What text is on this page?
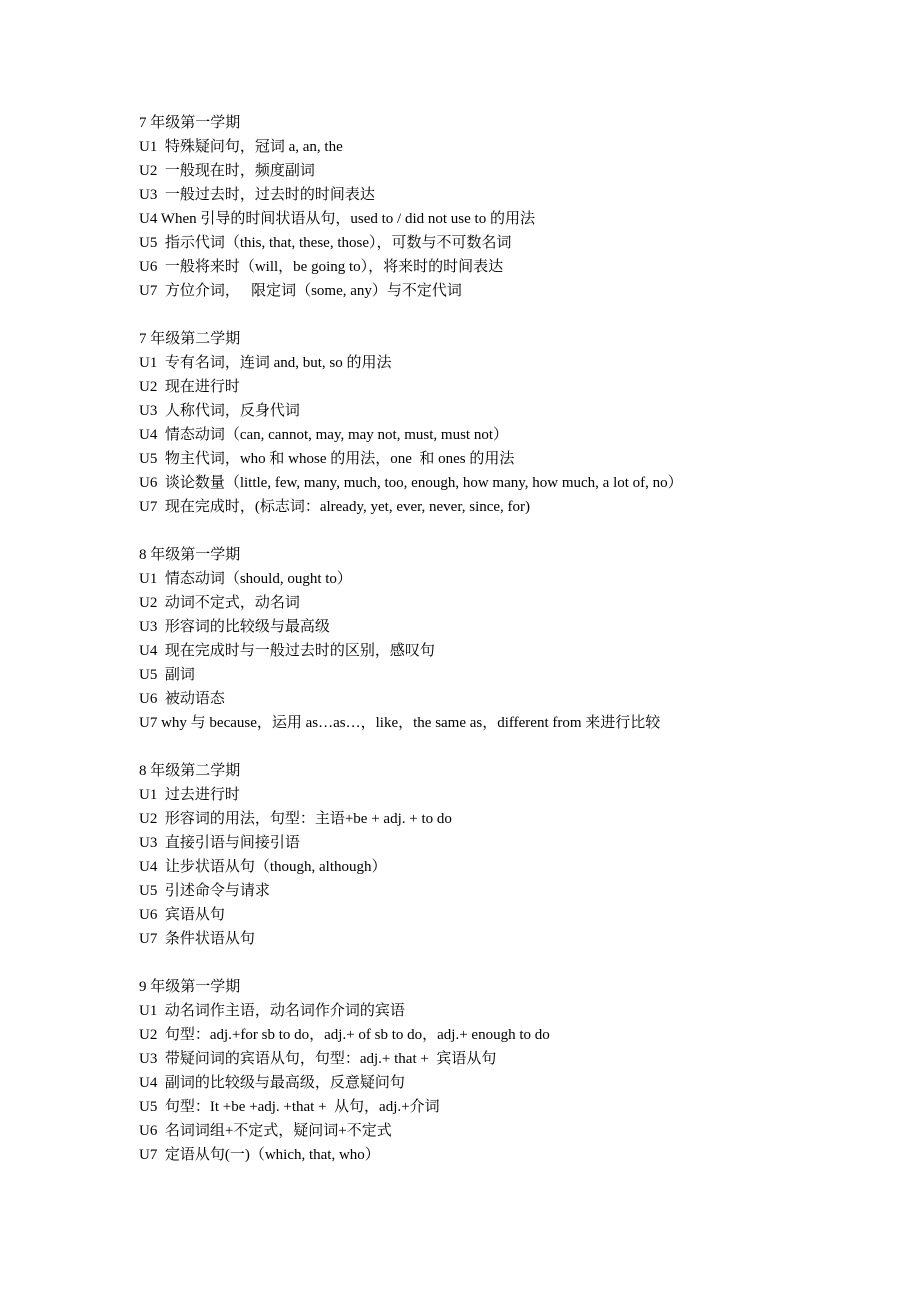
7 年级第一学期
U1  特殊疑问句，冠词 a, an, the
U2  一般现在时，频度副词
U3  一般过去时，过去时的时间表达
U4 When 引导的时间状语从句，used to / did not use to 的用法
U5  指示代词（this, that, these, those），可数与不可数名词
U6  一般将来时（will，be going to），将来时的时间表达
U7  方位介词，   限定词（some, any）与不定代词
7 年级第二学期
U1  专有名词，连词 and, but, so 的用法
U2  现在进行时
U3  人称代词，反身代词
U4  情态动词（can, cannot, may, may not, must, must not）
U5  物主代词，who 和 whose 的用法，one  和 ones 的用法
U6  谈论数量（little, few, many, much, too, enough, how many, how much, a lot of, no）
U7  现在完成时，(标志词：already, yet, ever, never, since, for)
8 年级第一学期
U1  情态动词（should, ought to）
U2  动词不定式，动名词
U3  形容词的比较级与最高级
U4  现在完成时与一般过去时的区别，感叹句
U5  副词
U6  被动语态
U7 why 与 because，运用 as…as…，like，the same as，different from 来进行比较
8 年级第二学期
U1  过去进行时
U2  形容词的用法，句型：主语+be + adj. + to do
U3  直接引语与间接引语
U4  让步状语从句（though, although）
U5  引述命令与请求
U6  宾语从句
U7  条件状语从句
9 年级第一学期
U1  动名词作主语，动名词作介词的宾语
U2  句型：adj.+for sb to do，adj.+ of sb to do，adj.+ enough to do
U3  带疑问词的宾语从句，句型：adj.+ that +  宾语从句
U4  副词的比较级与最高级，反意疑问句
U5  句型：It +be +adj. +that +  从句，adj.+介词
U6  名词词组+不定式，疑问词+不定式
U7  定语从句(一)（which, that, who）
